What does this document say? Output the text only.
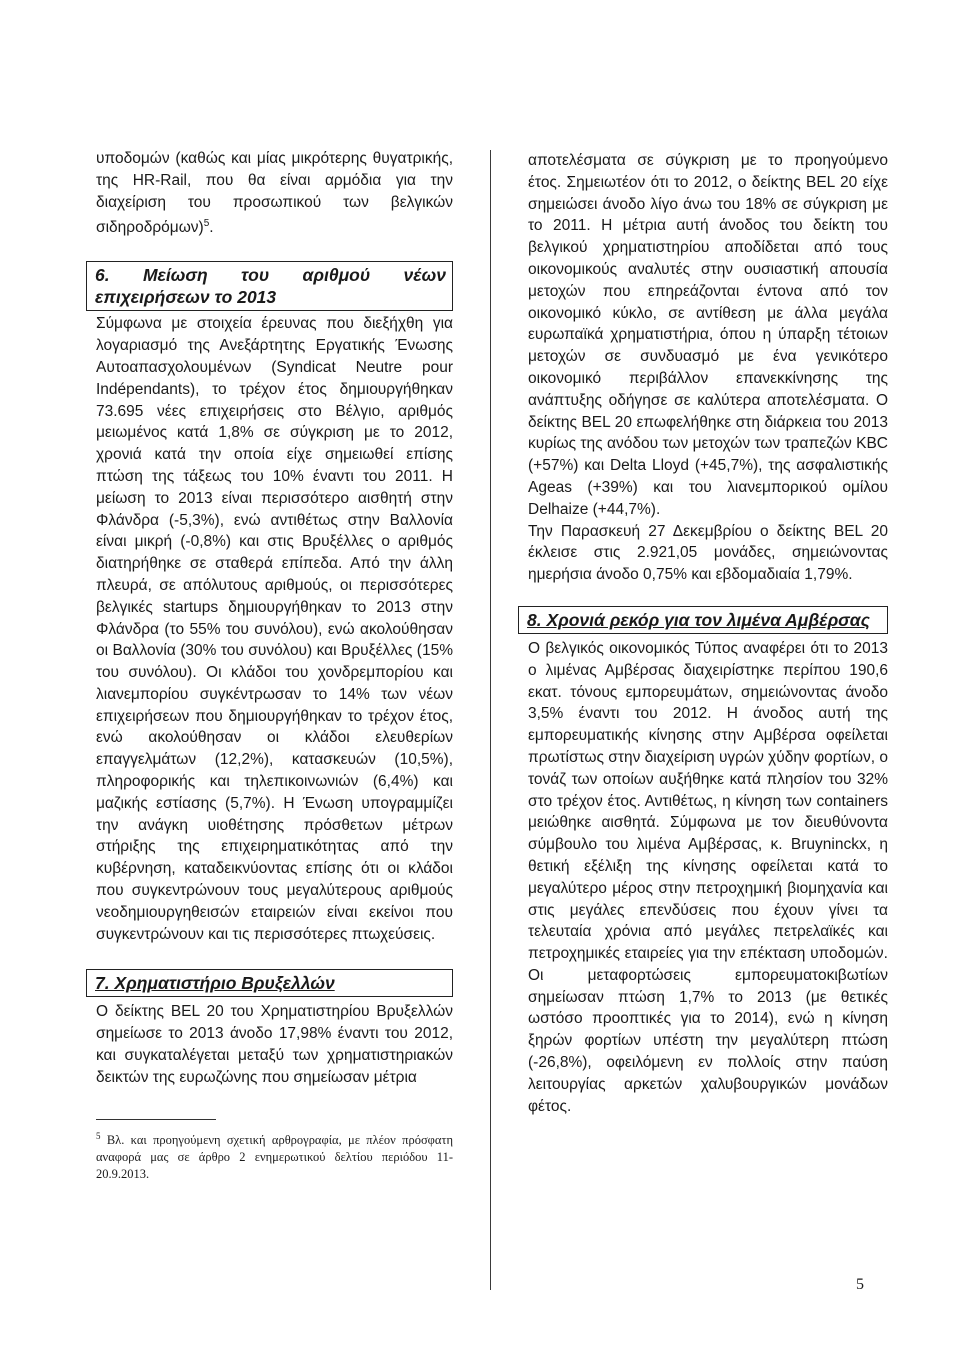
υποδομών (καθώς και μίας μικρότερης θυγατρικής, της HR-Rail, που θα είναι αρμόδια για την διαχείριση του προσωπικού των βελγικών σιδηροδρόμων)$^5$.

6. Μείωση του αριθμού νέων επιχειρήσεων το 2013

Σύμφωνα με στοιχεία έρευνας που διεξήχθη για λογαριασμό της Ανεξάρτητης Εργατικής Ένωσης Αυτοαπασχολουμένων (Syndicat Neutre pour Indépendants), το τρέχον έτος δημιουργήθηκαν 73.695 νέες επιχειρήσεις στο Βέλγιο, αριθμός μειωμένος κατά 1,8% σε σύγκριση με το 2012, χρονιά κατά την οποία είχε σημειωθεί επίσης πτώση της τάξεως του 10% έναντι του 2011. Η μείωση το 2013 είναι περισσότερο αισθητή στην Φλάνδρα (-5,3%), ενώ αντιθέτως στην Βαλλονία είναι μικρή (-0,8%) και στις Βρυξέλλες ο αριθμός διατηρήθηκε σε σταθερά επίπεδα. Από την άλλη πλευρά, σε απόλυτους αριθμούς, οι περισσότερες βελγικές startups δημιουργήθηκαν το 2013 στην Φλάνδρα (το 55% του συνόλου), ενώ ακολούθησαν οι Βαλλονία (30% του συνόλου) και Βρυξέλλες (15% του συνόλου). Οι κλάδοι του χονδρεμπορίου και λιανεμπορίου συγκέντρωσαν το 14% των νέων επιχειρήσεων που δημιουργήθηκαν το τρέχον έτος, ενώ ακολούθησαν οι κλάδοι ελευθερίων επαγγελμάτων (12,2%), κατασκευών (10,5%), πληροφορικής και τηλεπικοινωνιών (6,4%) και μαζικής εστίασης (5,7%). Η Ένωση υπογραμμίζει την ανάγκη υιοθέτησης πρόσθετων μέτρων στήριξης της επιχειρηματικότητας από την κυβέρνηση, καταδεικνύοντας επίσης ότι οι κλάδοι που συγκεντρώνουν τους μεγαλύτερους αριθμούς νεοδημιουργηθεισών εταιρειών είναι εκείνοι που συγκεντρώνουν και τις περισσότερες πτωχεύσεις.

7. Χρηματιστήριο Βρυξελλών

Ο δείκτης BEL 20 του Χρηματιστηρίου Βρυξελλών σημείωσε το 2013 άνοδο 17,98% έναντι του 2012, και συγκαταλέγεται μεταξύ των χρηματιστηριακών δεικτών της ευρωζώνης που σημείωσαν μέτρια

$^5$ Βλ. και προηγούμενη σχετική αρθρογραφία, με πλέον πρόσφατη αναφορά μας σε άρθρο 2 ενημερωτικού δελτίου περιόδου 11-20.9.2013.

αποτελέσματα σε σύγκριση με το προηγούμενο έτος. Σημειωτέον ότι το 2012, ο δείκτης BEL 20 είχε σημειώσει άνοδο λίγο άνω του 18% σε σύγκριση με το 2011. Η μέτρια αυτή άνοδος του δείκτη του βελγικού χρηματιστηρίου αποδίδεται από τους οικονομικούς αναλυτές στην ουσιαστική απουσία μετοχών που επηρεάζονται έντονα από τον οικονομικό κύκλο, σε αντίθεση με άλλα μεγάλα ευρωπαϊκά χρηματιστήρια, όπου η ύπαρξη τέτοιων μετοχών σε συνδυασμό με ένα γενικότερο οικονομικό περιβάλλον επανεκκίνησης της ανάπτυξης οδήγησε σε καλύτερα αποτελέσματα. Ο δείκτης BEL 20 επωφελήθηκε στη διάρκεια του 2013 κυρίως της ανόδου των μετοχών των τραπεζών KBC (+57%) και Delta Lloyd (+45,7%), της ασφαλιστικής Ageas (+39%) και του λιανεμπορικού ομίλου Delhaize (+44,7%).

Την Παρασκευή 27 Δεκεμβρίου ο δείκτης BEL 20 έκλεισε στις 2.921,05 μονάδες, σημειώνοντας ημερήσια άνοδο 0,75% και εβδομαδιαία 1,79%.

8. Χρονιά ρεκόρ για τον λιμένα Αμβέρσας

Ο βελγικός οικονομικός Τύπος αναφέρει ότι το 2013 ο λιμένας Αμβέρσας διαχειρίστηκε περίπου 190,6 εκατ. τόνους εμπορευμάτων, σημειώνοντας άνοδο 3,5% έναντι του 2012. Η άνοδος αυτή της εμπορευματικής κίνησης στην Αμβέρσα οφείλεται πρωτίστως στην διαχείριση υγρών χύδην φορτίων, ο τονάζ των οποίων αυξήθηκε κατά πλησίον του 32% στο τρέχον έτος. Αντιθέτως, η κίνηση των containers μειώθηκε αισθητά. Σύμφωνα με τον διευθύνοντα σύμβουλο του λιμένα Αμβέρσας, κ. Bruyninckx, η θετική εξέλιξη της κίνησης οφείλεται κατά το μεγαλύτερο μέρος στην πετροχημική βιομηχανία και στις μεγάλες επενδύσεις που έχουν γίνει τα τελευταία χρόνια από μεγάλες πετρελαϊκές και πετροχημικές εταιρείες για την επέκταση υποδομών. Οι μεταφορτώσεις εμπορευματοκιβωτίων σημείωσαν πτώση 1,7% το 2013 (με θετικές ωστόσο προοπτικές για το 2014), ενώ η κίνηση ξηρών φορτίων υπέστη την μεγαλύτερη πτώση (-26,8%), οφειλόμενη εν πολλοίς στην παύση λειτουργίας αρκετών χαλυβουργικών μονάδων φέτος.

5
